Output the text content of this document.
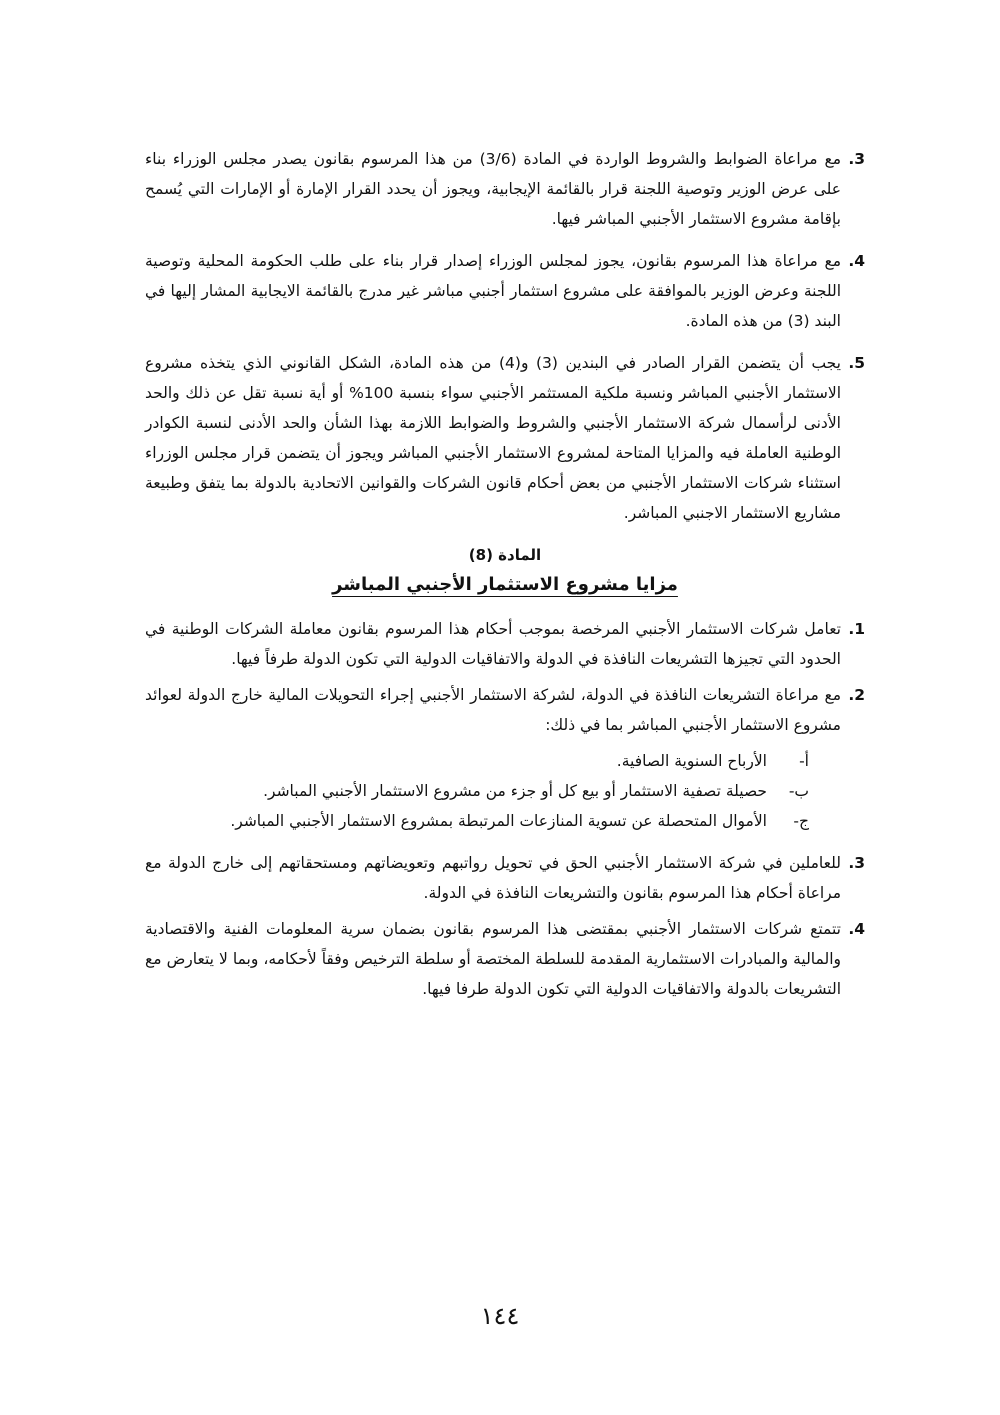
3.
مع مراعاة الضوابط والشروط الواردة في المادة (3/6) من هذا المرسوم بقانون يصدر مجلس الوزراء بناء على عرض الوزير وتوصية اللجنة قرار بالقائمة الإيجابية، ويجوز أن يحدد القرار الإمارة أو الإمارات التي يُسمح بإقامة مشروع الاستثمار الأجنبي المباشر فيها.
4.
مع مراعاة هذا المرسوم بقانون، يجوز لمجلس الوزراء إصدار قرار بناء على طلب الحكومة المحلية وتوصية اللجنة وعرض الوزير بالموافقة على مشروع استثمار أجنبي مباشر غير مدرج بالقائمة الايجابية المشار إليها في البند (3) من هذه المادة.
5.
يجب أن يتضمن القرار الصادر في البندين (3) و(4) من هذه المادة، الشكل القانوني الذي يتخذه مشروع الاستثمار الأجنبي المباشر ونسبة ملكية المستثمر الأجنبي سواء بنسبة 100% أو أية نسبة تقل عن ذلك والحد الأدنى لرأسمال شركة الاستثمار الأجنبي والشروط والضوابط اللازمة بهذا الشأن والحد الأدنى لنسبة الكوادر الوطنية العاملة فيه والمزايا المتاحة لمشروع الاستثمار الأجنبي المباشر ويجوز أن يتضمن قرار مجلس الوزراء استثناء شركات الاستثمار الأجنبي من بعض أحكام قانون الشركات والقوانين الاتحادية بالدولة بما يتفق وطبيعة مشاريع الاستثمار الاجنبي المباشر.
المادة (8)
مزايا مشروع الاستثمار الأجنبي المباشر
1.
تعامل شركات الاستثمار الأجنبي المرخصة بموجب أحكام هذا المرسوم بقانون معاملة الشركات الوطنية في الحدود التي تجيزها التشريعات النافذة في الدولة والاتفاقيات الدولية التي تكون الدولة طرفاً فيها.
2.
مع مراعاة التشريعات النافذة في الدولة، لشركة الاستثمار الأجنبي إجراء التحويلات المالية خارج الدولة لعوائد مشروع الاستثمار الأجنبي المباشر بما في ذلك:
أ-
الأرباح السنوية الصافية.
ب-
حصيلة تصفية الاستثمار أو بيع كل أو جزء من مشروع الاستثمار الأجنبي المباشر.
ج-
الأموال المتحصلة عن تسوية المنازعات المرتبطة بمشروع الاستثمار الأجنبي المباشر.
3.
للعاملين في شركة الاستثمار الأجنبي الحق في تحويل رواتبهم وتعويضاتهم ومستحقاتهم إلى خارج الدولة مع مراعاة أحكام هذا المرسوم بقانون والتشريعات النافذة في الدولة.
4.
تتمتع شركات الاستثمار الأجنبي بمقتضى هذا المرسوم بقانون بضمان سرية المعلومات الفنية والاقتصادية والمالية والمبادرات الاستثمارية المقدمة للسلطة المختصة أو سلطة الترخيص وفقاً لأحكامه، وبما لا يتعارض مع التشريعات بالدولة والاتفاقيات الدولية التي تكون الدولة طرفا فيها.
١٤٤
